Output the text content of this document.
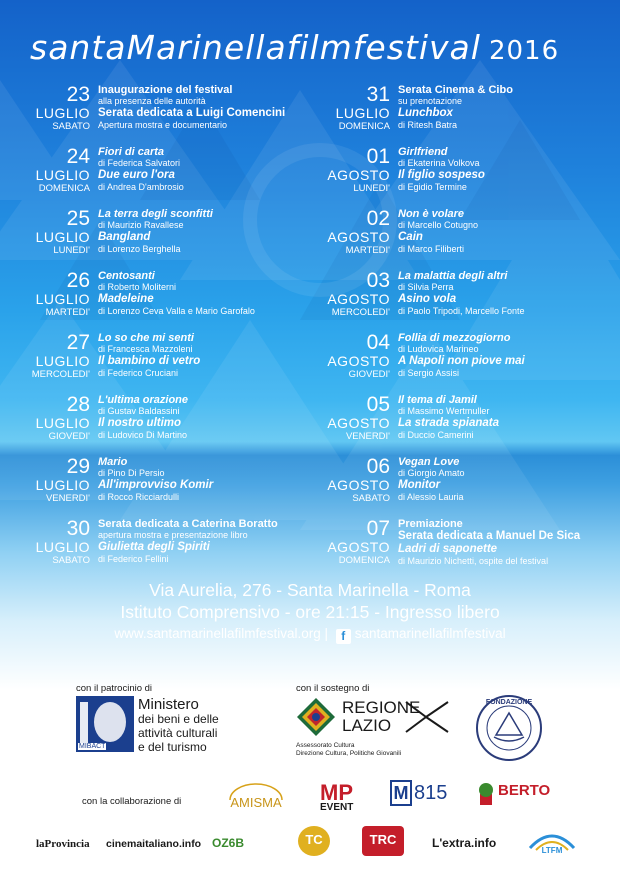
santaMarinellafilmfestival 2016
23
LUGLIO
SABATO
Inaugurazione del festival
alla presenza delle autorità
Serata dedicata a Luigi Comencini
Apertura mostra e documentario
24
LUGLIO
DOMENICA
Fiori di carta
di Federica Salvatori
Due euro l'ora
di Andrea D'ambrosio
25
LUGLIO
LUNEDI'
La terra degli sconfitti
di Maurizio Ravallese
Bangland
di Lorenzo Berghella
26
LUGLIO
MARTEDI'
Centosanti
di Roberto Moliterni
Madeleine
di Lorenzo Ceva Valla e Mario Garofalo
27
LUGLIO
MERCOLEDI'
Lo so che mi senti
di Francesca Mazzoleni
Il bambino di vetro
di Federico Cruciani
28
LUGLIO
GIOVEDI'
L'ultima orazione
di Gustav Baldassini
Il nostro ultimo
di Ludovico Di Martino
29
LUGLIO
VENERDI'
Mario
di Pino Di Persio
All'improvviso Komir
di Rocco Ricciardulli
30
LUGLIO
SABATO
Serata dedicata a Caterina Boratto
apertura mostra e presentazione libro
Giulietta degli Spiriti
di Federico Fellini
31
LUGLIO
DOMENICA
Serata Cinema & Cibo
su prenotazione
Lunchbox
di Ritesh Batra
01
AGOSTO
LUNEDI'
Girlfriend
di Ekaterina Volkova
Il figlio sospeso
di Egidio Termine
02
AGOSTO
MARTEDI'
Non è volare
di Marcello Cotugno
Cain
di Marco Filiberti
03
AGOSTO
MERCOLEDI'
La malattia degli altri
di Silvia Perra
Asino vola
di Paolo Tripodi, Marcello Fonte
04
AGOSTO
GIOVEDI'
Follia di mezzogiorno
di Ludovica Marineo
A Napoli non piove mai
di Sergio Assisi
05
AGOSTO
VENERDI'
Il tema di Jamil
di Massimo Wertmuller
La strada spianata
di Duccio Camerini
06
AGOSTO
SABATO
Vegan Love
di Giorgio Amato
Monitor
di Alessio Lauria
07
AGOSTO
DOMENICA
Premiazione
Serata dedicata a Manuel De Sica
Ladri di saponette
di Maurizio Nichetti, ospite del festival
Via Aurelia, 276 - Santa Marinella - Roma
Istituto Comprensivo - ore 21:15 - Ingresso libero
www.santamarinellafilmfestival.org | f santamarinellafilmfestival
con il patrocinio di
MIBACT
Ministero
dei beni e delle
attività culturali
e del turismo
con il sostegno di
REGIONE
LAZIO
Assessorato Cultura
Direzione Cultura, Politiche Giovanili
FONDAZIONE
con la collaborazione di	AMISMA	MP
EVENT
M 815	BERTO
laProvincia cinemaitaliano.info OZ6B	TC	TRC	L'extra.info
LTFM
